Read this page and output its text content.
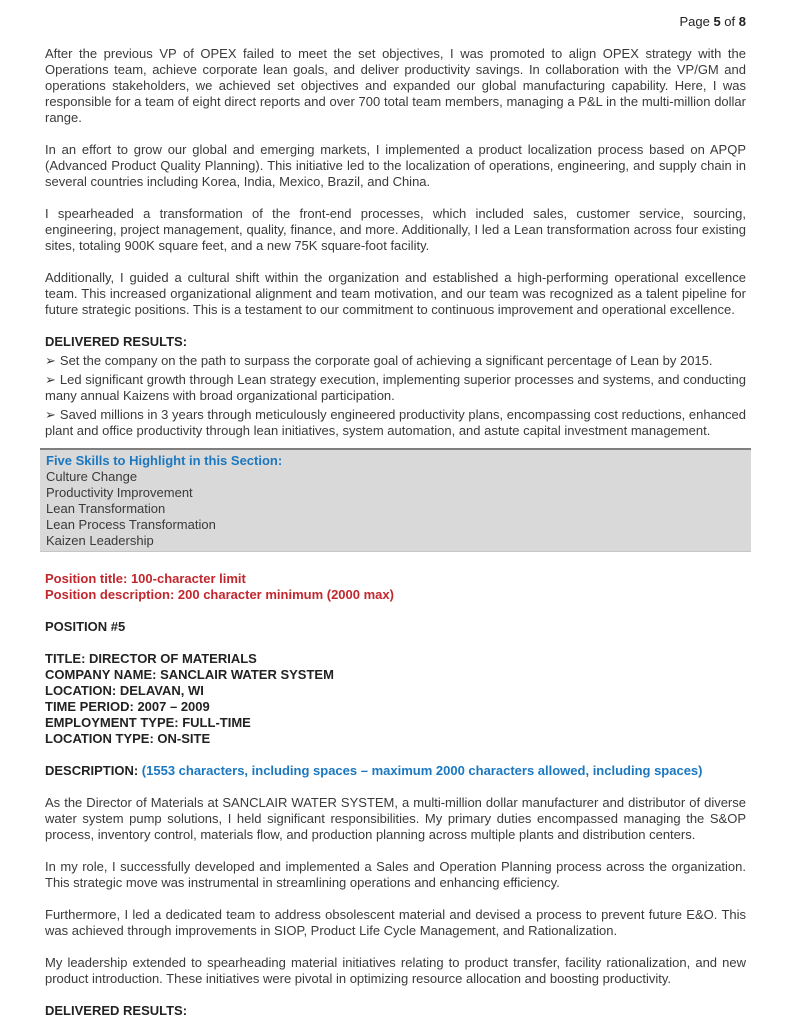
Page 5 of 8

After the previous VP of OPEX failed to meet the set objectives, I was promoted to align OPEX strategy with the Operations team, achieve corporate lean goals, and deliver productivity savings. In collaboration with the VP/GM and operations stakeholders, we achieved set objectives and expanded our global manufacturing capability. Here, I was responsible for a team of eight direct reports and over 700 total team members, managing a P&L in the multi-million dollar range.

In an effort to grow our global and emerging markets, I implemented a product localization process based on APQP (Advanced Product Quality Planning). This initiative led to the localization of operations, engineering, and supply chain in several countries including Korea, India, Mexico, Brazil, and China.

I spearheaded a transformation of the front-end processes, which included sales, customer service, sourcing, engineering, project management, quality, finance, and more. Additionally, I led a Lean transformation across four existing sites, totaling 900K square feet, and a new 75K square-foot facility.

Additionally, I guided a cultural shift within the organization and established a high-performing operational excellence team. This increased organizational alignment and team motivation, and our team was recognized as a talent pipeline for future strategic positions. This is a testament to our commitment to continuous improvement and operational excellence.

DELIVERED RESULTS:

➢ Set the company on the path to surpass the corporate goal of achieving a significant percentage of Lean by 2015.

➢ Led significant growth through Lean strategy execution, implementing superior processes and systems, and conducting many annual Kaizens with broad organizational participation.

➢ Saved millions in 3 years through meticulously engineered productivity plans, encompassing cost reductions, enhanced plant and office productivity through lean initiatives, system automation, and astute capital investment management.

Five Skills to Highlight in this Section:

Culture Change

Productivity Improvement

Lean Transformation

Lean Process Transformation

Kaizen Leadership

Position title: 100-character limit

Position description: 200 character minimum (2000 max)

POSITION #5

TITLE: DIRECTOR OF MATERIALS

COMPANY NAME: SANCLAIR WATER SYSTEM

LOCATION: DELAVAN, WI

TIME PERIOD: 2007 – 2009

EMPLOYMENT TYPE: FULL-TIME

LOCATION TYPE: ON-SITE

DESCRIPTION: (1553 characters, including spaces – maximum 2000 characters allowed, including spaces)

As the Director of Materials at SANCLAIR WATER SYSTEM, a multi-million dollar manufacturer and distributor of diverse water system pump solutions, I held significant responsibilities. My primary duties encompassed managing the S&OP process, inventory control, materials flow, and production planning across multiple plants and distribution centers.

In my role, I successfully developed and implemented a Sales and Operation Planning process across the organization. This strategic move was instrumental in streamlining operations and enhancing efficiency.

Furthermore, I led a dedicated team to address obsolescent material and devised a process to prevent future E&O. This was achieved through improvements in SIOP, Product Life Cycle Management, and Rationalization.

My leadership extended to spearheading material initiatives relating to product transfer, facility rationalization, and new product introduction. These initiatives were pivotal in optimizing resource allocation and boosting productivity.

DELIVERED RESULTS:
